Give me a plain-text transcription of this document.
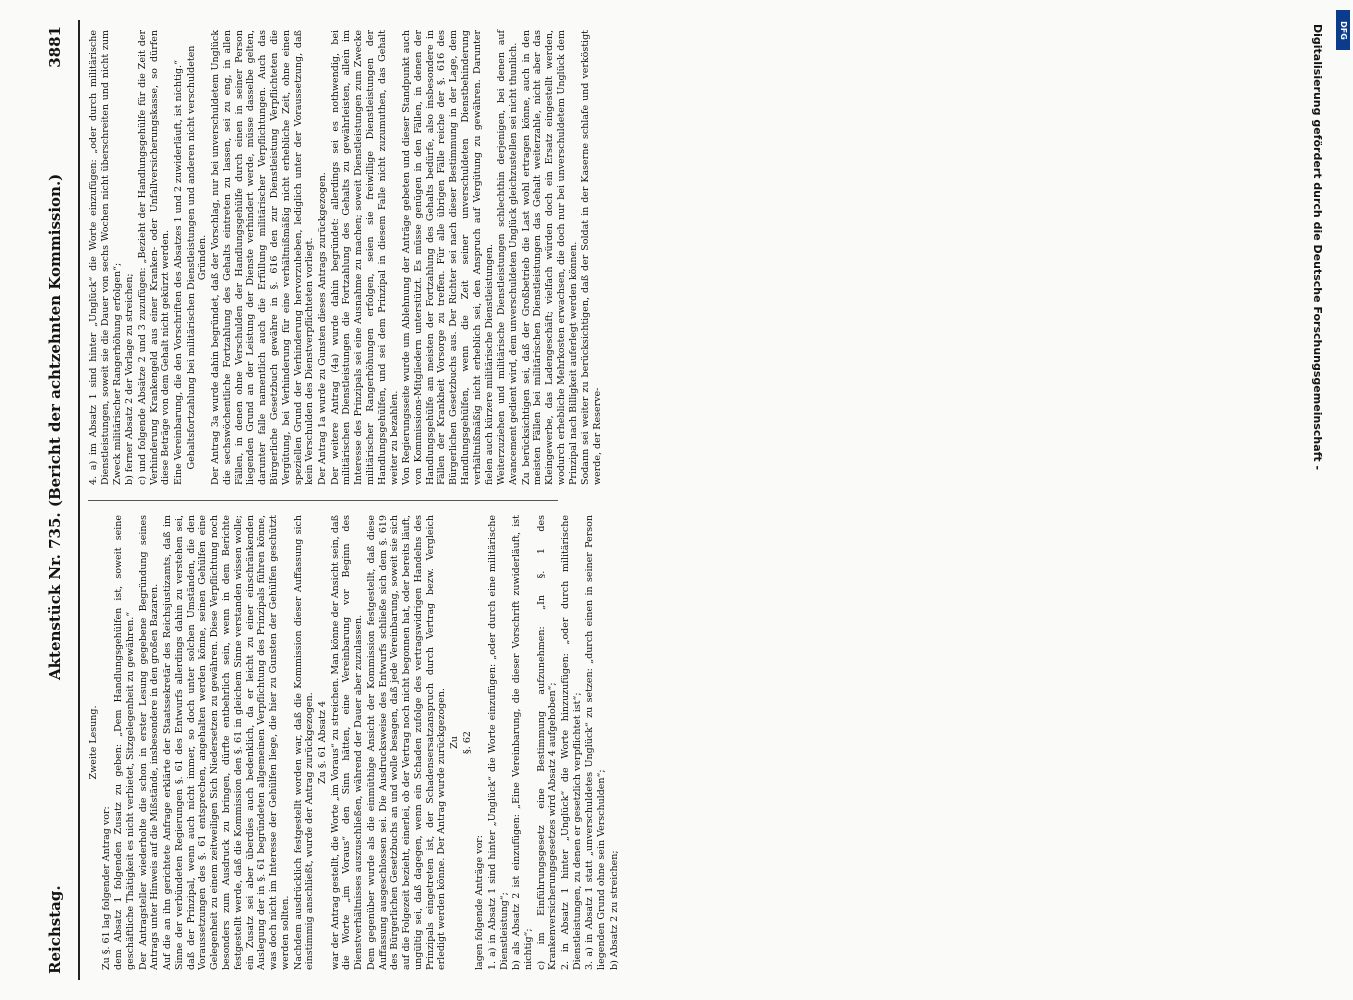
Reichstag.
Aktenstück Nr. 735. (Bericht der achtzehnten Kommission.)
3881

Zweite Lesung.

Zu §. 61 lag folgender Antrag vor: dem Absatz 1 folgenden Zusatz zu geben: „Dem Handlungsgehülfen ist, soweit seine geschäftliche Thätigkeit es nicht verbietet, Sitzgelegenheit zu gewähren.“ Der Antragsteller wiederholte die schon in erster Lesung gegebene Begründung seines Antrags unter Hinweis auf die Mißstände, insbesondere in den großen Bazaren. Auf die an ihn gerichtete Anfrage erklärte der Staatssekretär des Reichsjustizamts, daß im Sinne der verbündeten Regierungen §. 61 des Entwurfs allerdings dahin zu verstehen sei, daß der Prinzipal, wenn auch nicht immer, so doch unter solchen Umständen, die den Voraussetzungen des §. 61 entsprechen, angehalten werden könne, seinen Gehülfen eine Gelegenheit zu einem zeitweiligen Sich Niedersetzen zu gewähren. Diese Verpflichtung noch besonders zum Ausdruck zu bringen, dürfte entbehrlich sein, wenn in dem Berichte festgestellt werde, daß die Kommission den §. 61 in gleichem Sinne verstanden wissen wolle; ein Zusatz sei aber überdies auch bedenklich, da er leicht zu einer einschränkenden Auslegung der in §. 61 begründeten allgemeinen Verpflichtung des Prinzipals führen könne, was doch nicht im Interesse der Gehülfen liege, die hier zu Gunsten der Gehülfen geschützt werden sollten. Nachdem ausdrücklich festgestellt worden war, daß die Kommission dieser Auffassung sich einstimmig anschließt, wurde der Antrag zurückgezogen. Zu §. 61 Absatz 4 war der Antrag gestellt, die Worte „im Voraus“ zu streichen. Man könne der Ansicht sein, daß die Worte „im Voraus“ den Sinn hätten, eine Vereinbarung vor Beginn des Dienstverhältnisses auszuschließen, während der Dauer aber zuzulassen. Dem gegenüber wurde als die einmüthige Ansicht der Kommission festgestellt, daß diese Auffassung ausgeschlossen sei. Die Ausdrucksweise des Entwurfs schließe sich dem §. 619 des Bürgerlichen Gesetzbuchs an und wolle besagen, daß jede Vereinbarung, soweit sie sich auf die Folgezeit bezieht, einerlei, ob der Vertrag noch nicht begonnen hat, oder bereits läuft, ungültig sei, daß dagegen, wenn ein Schaden zufolge des vertragswidrigen Handelns des Prinzipals eingetreten ist, der Schadensersatzanspruch durch Vertrag bezw. Vergleich erledigt werden könne. Der Antrag wurde zurückgezogen. Zu §. 62

lagen folgende Anträge vor: 1. a) in Absatz 1 sind hinter „Unglück“ die Worte einzufügen: „oder durch eine militärische Dienstleistung“; b) als Absatz 2 ist einzufügen: „Eine Vereinbarung, die dieser Vorschrift zuwiderläuft, ist nichtig“; c) im Einführungsgesetz eine Bestimmung aufzunehmen: „In §. 1 des Krankenversicherungsgesetzes wird Absatz 4 aufgehoben“; 2. in Absatz 1 hinter „Unglück“ die Worte hinzuzufügen: „oder durch militärische Dienstleistungen, zu denen er gesetzlich verpflichtet ist“; 3. a) in Absatz 1 statt „unverschuldetes Unglück“ zu setzen: „durch einen in seiner Person liegenden Grund ohne sein Verschulden“; b) Absatz 2 zu streichen;

4. a) im Absatz 1 sind hinter „Unglück“ die Worte einzufügen: „oder durch militärische Dienstleistungen, soweit sie die Dauer von sechs Wochen nicht überschreiten und nicht zum Zweck militärischer Rangerhöhung erfolgen“; b) ferner Absatz 2 der Vorlage zu streichen; c) und folgende Absätze 2 und 3 zuzufügen: „Bezieht der Handlungsgehülfe für die Zeit der Verhinderung Krankengeld aus einer Kranken- oder Unfallversicherungskasse, so dürfen diese Beträge von dem Gehalt nicht gekürzt werden. Eine Vereinbarung, die den Vorschriften des Absatzes 1 und 2 zuwiderläuft, ist nichtig.“ Gehaltsfortzahlung bei militärischen Dienstleistungen und anderen nicht verschuldeten Gründen. Der Antrag 3a wurde dahin begründet, daß der Vorschlag, nur bei unverschuldetem Unglück die sechswöchentliche Fortzahlung des Gehalts eintreten zu lassen, sei zu eng, in allen Fällen, in denen ohne Verschulden der Handlungsgehülfe durch einen in seiner Person liegenden Grund an der Leistung der Dienste verhindert werde, müsse dasselbe gelten, darunter falle namentlich auch die Erfüllung militärischer Verpflichtungen. Auch das Bürgerliche Gesetzbuch gewähre in §. 616 den zur Dienstleistung Verpflichteten die Vergütung, bei Verhinderung für eine verhältnißmäßig nicht erhebliche Zeit, ohne einen speziellen Grund der Verhinderung hervorzuheben, lediglich unter der Voraussetzung, daß kein Verschulden des Dienstverpflichteten vorliegt. Der Antrag 1a wurde zu Gunsten dieses Antrags zurückgezogen. Der weitere Antrag (4a) wurde dahin begründet: allerdings sei es nothwendig, bei militärischen Dienstleistungen die Fortzahlung des Gehalts zu gewährleisten, allein im Interesse des Prinzipals sei eine Ausnahme zu machen; soweit Dienstleistungen zum Zwecke militärischer Rangerhöhungen erfolgen, seien sie freiwillige Dienstleistungen der Handlungsgehülfen, und sei dem Prinzipal in diesem Falle nicht zuzumuthen, das Gehalt weiter zu bezahlen. Von Regierungsseite wurde um Ablehnung der Anträge gebeten und dieser Standpunkt auch von Kommissions-Mitgliedern unterstützt. Es müsse genügen in den Fällen, in denen der Handlungsgehülfe am meisten der Fortzahlung des Gehalts bedürfe, also insbesondere in Fällen der Krankheit Vorsorge zu treffen. Für alle übrigen Fälle reiche der §. 616 des Bürgerlichen Gesetzbuchs aus. Der Richter sei nach dieser Bestimmung in der Lage, dem Handlungsgehülfen, wenn die Zeit seiner unverschuldeten Dienstbehinderung verhältnißmäßig nicht erheblich sei, den Anspruch auf Vergütung zu gewähren. Darunter fielen auch kürzere militärische Dienstleistungen. Weiterzuziehen und militärische Dienstleistungen schlechthin derjenigen, bei denen auf Avancement gedient wird, dem unverschuldeten Unglück gleichzustellen sei nicht thunlich. Zu berücksichtigen sei, daß der Großbetrieb die Last wohl ertragen könne, auch in den meisten Fällen bei militärischen Dienstleistungen das Gehalt weiterzahle, nicht aber das Kleingewerbe, das Ladengeschäft; vielfach würden doch ein Ersatz eingestellt werden, wodurch erhebliche Mehrkosten erwachsen, die doch nur bei unverschuldetem Unglück dem Prinzipal nach Billigkeit auferlegt werden können. Sodann sei weiter zu berücksichtigen, daß der Soldat in der Kaserne schlafe und verköstigt werde, der Reserve-	Digitalisierung gefördert durch die Deutsche Forschungsgemeinschaft - DFG
